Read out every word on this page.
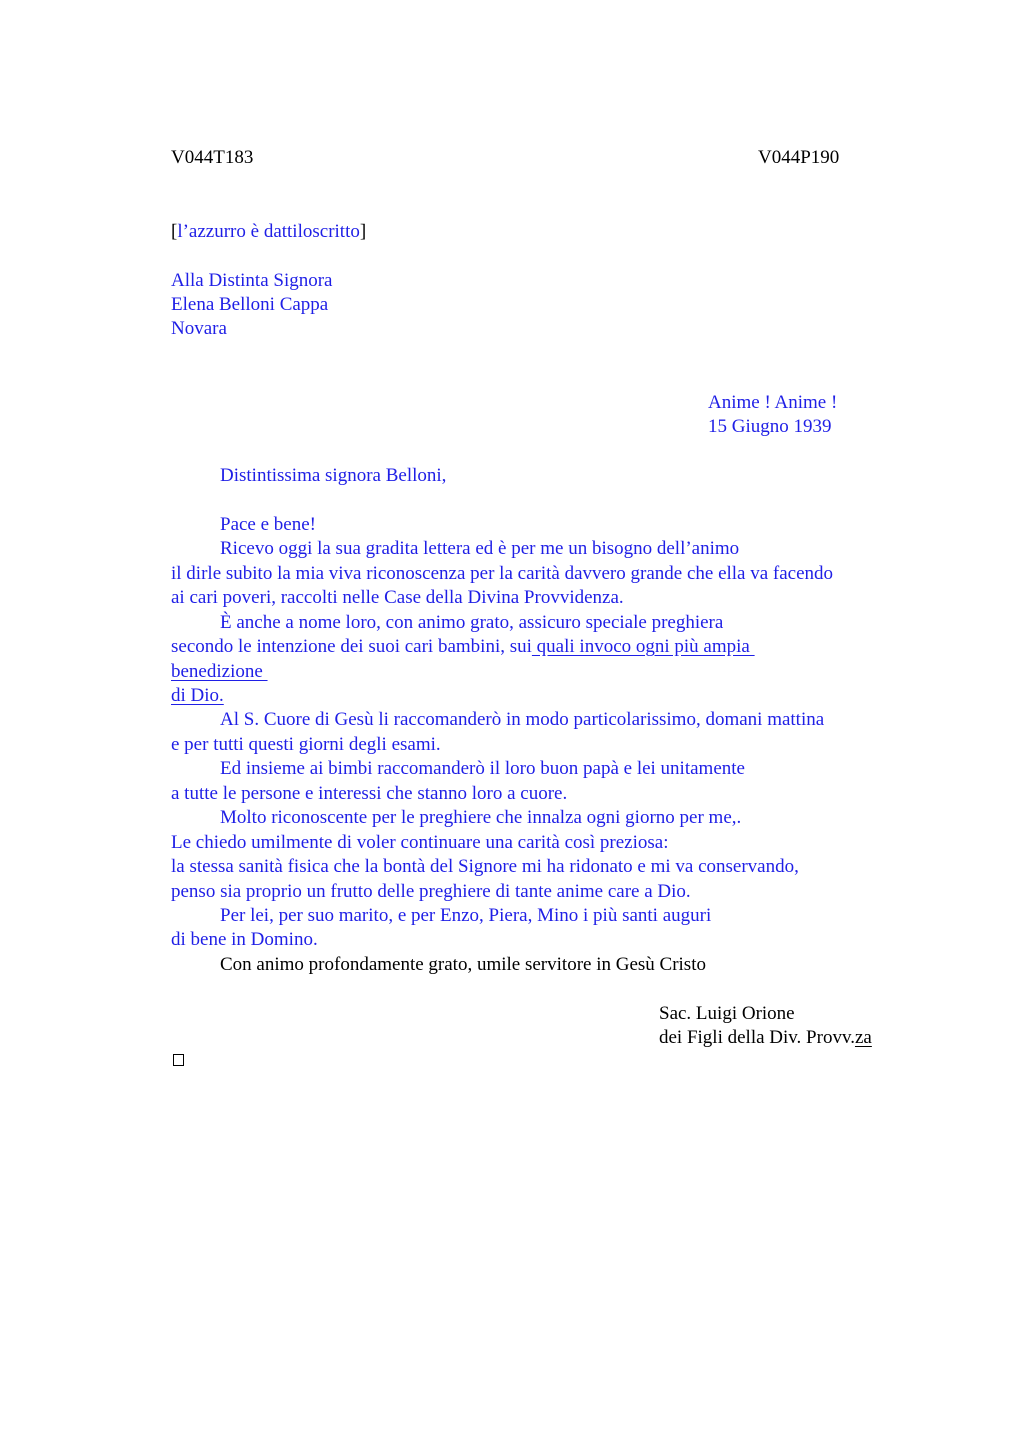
V044T183	V044P190

[l’azzurro è dattiloscritto]

Alla Distinta Signora

Elena Belloni Cappa

Novara

Anime ! Anime !

15 Giugno 1939

Distintissima signora Belloni,

Pace e bene!

Ricevo oggi la sua gradita lettera ed è per me un bisogno dell’animo

il dirle subito la mia viva riconoscenza per la carità davvero grande che ella va facendo

ai cari poveri, raccolti nelle Case della Divina Provvidenza.

È anche a nome loro, con animo grato, assicuro speciale preghiera

secondo le intenzione dei suoi cari bambini, sui quali invoco ogni più ampia

benedizione

di Dio.

Al S. Cuore di Gesù li raccomanderò in modo particolarissimo, domani mattina

e per tutti questi giorni degli esami.

Ed insieme ai bimbi raccomanderò il loro buon papà e lei unitamente

a tutte le persone e interessi che stanno loro a cuore.

Molto riconoscente per le preghiere che innalza ogni giorno per me,.

Le chiedo umilmente di voler continuare una carità così preziosa:

la stessa sanità fisica che la bontà del Signore mi ha ridonato e mi va conservando,

penso sia proprio un frutto delle preghiere di tante anime care a Dio.

Per lei, per suo marito, e per Enzo, Piera, Mino i più santi auguri

di bene in Domino.

Con animo profondamente grato, umile servitore in Gesù Cristo

Sac. Luigi Orione

dei Figli della Div. Provv.za
